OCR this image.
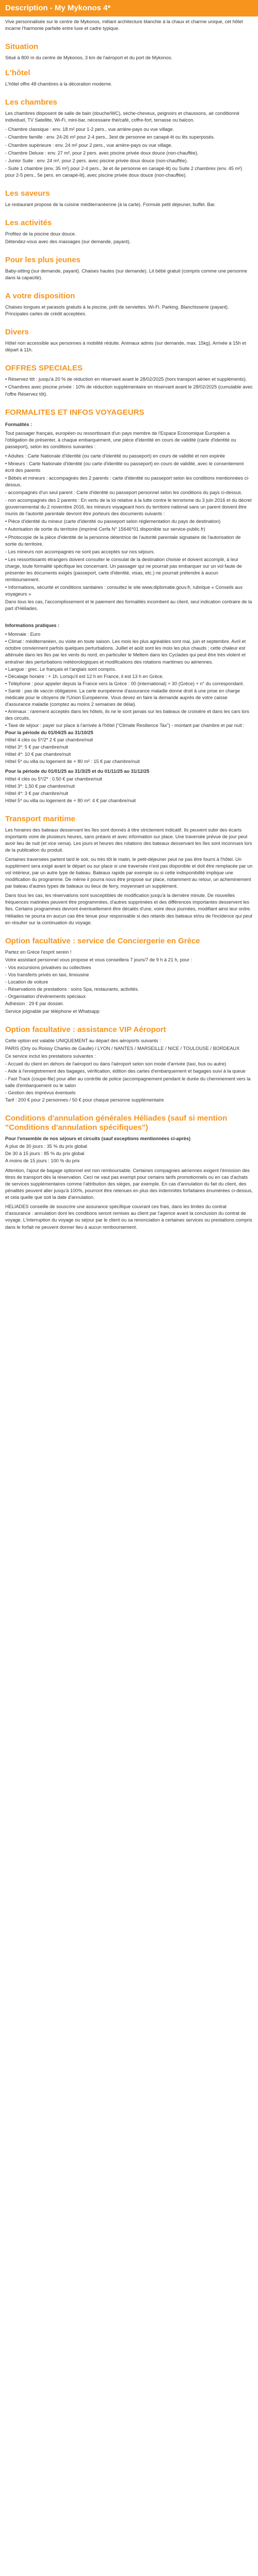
Description - My Mykonos 4*

Vive personnalisée sur le centre de Mykonos, mêlant architecture blanchie à la chaux et charme unique, cet hôtel incarne l'harmonie parfaite entre luxe et cadre typique.

Situation

Situé à 800 m du centre de Mykonos, 3 km de l'aéroport et du port de Mykonos.

L'hôtel

L'hôtel offre 48 chambres à la décoration moderne.

Les chambres

Les chambres disposent de salle de bain (douche/WC), sèche-cheveux, peignoirs et chaussons, air conditionné individuel, TV Satellite, Wi-Fi, mini-bar, nécessaire thé/café, coffre-fort, terrasse ou balcon.

- Chambre classique : env. 18 m² pour 1-2 pers., vue arrière-pays ou vue village.
- Chambre famille : env. 24-26 m² pour 2-4 pers., 3est de personne en canapé-lit ou lits superposés.
- Chambre supérieure : env. 24 m² pour 2 pers., vue arrière-pays ou vue village.
- Chambre Deluxe : env. 27 m², pour 2 pers. avec piscine privée doux douce (non-chauffée).
- Junior Suite : env. 24 m², pour 2 pers. avec piscine privée doux douce (non-chauffée).
- Suite 1 chambre (env. 35 m²) pour 2-4 pers., 3e et 4e personne en canapé-lit) ou Suite 2 chambres (env. 45 m²) pour 2-5 pers., 5e pers. en canapé-lit), avec piscine privée doux douce (non-chauffée).
Les saveurs

Le restaurant propose de la cuisine méditerranéenne (à la carte). Formule petit déjeuner, buffet. Bar.

Les activités
Profitez de la piscine doux douce.
Détendez-vous avec des massages (sur demande, payant).
Pour les plus jeunes

Baby-sitting (sur demande, payant). Chaises hautes (sur demande). Lit bébé gratuit (compris comme une personne dans la capacité).

A votre disposition

Chaises longues et parasols gratuits à la piscine, prêt de serviettes. Wi-Fi. Parking. Blanchisserie (payant). Principales cartes de crédit acceptées.

Divers

Hôtel non accessible aux personnes à mobilité réduite. Animaux admis (sur demande, max. 15kg). Arrivée à 15h et départ à 11h.

OFFRES SPECIALES
• Réservez tôt : jusqu'à 20 % de réduction en réservant avant le 28/02/2025 (hors transport aérien et suppléments).
• Chambres avec piscine privée : 10% de réduction supplémentaire en réservant avant le 28/02/2025 (cumulable avec l'offre Réservez tôt).
FORMALITES ET INFOS VOYAGEURS
Formalités :

Tout passager français, européen ou ressortissant d'un pays membre de l'Espace Economique Européen a l'obligation de présenter, à chaque embarquement, une pièce d'identité en cours de validité (carte d'identité ou passeport), selon les conditions suivantes :

• Adultes : Carte Nationale d'Identité (ou carte d'identité ou passeport) en cours de validité et non expirée
• Mineurs : Carte Nationale d'Identité (ou carte d'identité ou passeport) en cours de validité, avec le consentement écrit des parents
• Bébés et mineurs : accompagnés des 2 parents : carte d'identité ou passeport selon les conditions mentionnées ci-dessus.
- accompagnés d'un seul parent : Carte d'identité ou passeport personnel selon les conditions du pays ci-dessus.
- non accompagnés des 2 parents : En vertu de la loi relative à la lutte contre le terrorisme du 3 juin 2016 et du décret gouvernemental du 2 novembre 2016, les mineurs voyageant hors du territoire national sans un parent doivent être munis de l'autorité parentale devront être porteurs des documents suivants :
• Pièce d'identité du mineur (carte d'identité ou passeport selon réglementation du pays de destination)
• Autorisation de sortie du territoire (imprimé Cerfa N° 15646*01 disponible sur service-public.fr)
• Photocopie de la pièce d'identité de la personne détentrice de l'autorité parentale signataire de l'autorisation de sortie du territoire.
- Les mineurs non accompagnés ne sont pas acceptés sur nos séjours.
• Les ressortissants étrangers doivent consulter le consulat de la destination choisie et doivent accomplir, à leur charge, toute formalité spécifique les concernant. Un passager qui ne pourrait pas embarquer sur un vol faute de présenter les documents exigés (passeport, carte d'identité, visas, etc.) ne pourrait prétendre à aucun remboursement.
• Informations, sécurité et conditions sanitaires : consultez le site www.diplomatie.gouv.fr, rubrique « Conseils aux voyageurs »
Dans tous les cas, l'accomplissement et le paiement des formalités incombent au client, seul indication contraire de la part d'Héliades.
Informations pratiques :
• Monnaie : Euro
• Climat : méditerranéen, ou visite en toute saison. Les mois les plus agréables sont mai, juin et septembre. Avril et octobre conviennent parfois quelques perturbations. Juillet et août sont les mois les plus chauds ; cette chaleur est atténuée dans les îles par les vents du nord, en particulier le Meltem dans les Cyclades qui peut être très violent et entraîner des perturbations météorologiques et modifications des rotations maritimes ou aériennes.
• Langue : grec. Le français et l'anglais sont compris.
• Décalage horaire : + 1h. Lorsqu'il est 12 h en France, il est 13 h en Grèce.
• Téléphone : pour appeler depuis la France vers la Grèce : 00 (international) + 30 (Grèce) + n° du correspondant.
• Santé : pas de vaccin obligatoire. La carte européenne d'assurance maladie donne droit à une prise en charge médicale pour le citoyens de l'Union Européenne. Vous devez en faire la demande auprès de votre caisse d'assurance maladie (comptez au moins 2 semaines de délai).
• Animaux : rarement acceptés dans les hôtels, ils ne le sont jamais sur les bateaux de croisière et dans les cars lors des circuits.
• Taxe de séjour : payer sur place à l'arrivée à l'hôtel ("Climate Resilience Tax") - montant par chambre et par nuit :
Pour la période du 01/04/25 au 31/10/25
Hôtel 4 clés ou 5*/2* 2 € par chambre/nuit
Hôtel 3*: 5 € par chambre/nuit
Hôtel 4*: 10 € par chambre/nuit
Hôtel 5* ou villa ou logement de + 80 m² : 15 € par chambre/nuit
Pour la période du 01/01/25 au 31/3/25 et du 01/11/25 au 31/12/25
Hôtel 4 clés ou 5*/2* : 0.50 € par chambre/nuit
Hôtel 3*: 1,50 € par chambre/nuit
Hôtel 4*: 3 € par chambre/nuit
Hôtel 5* ou villa ou logement de + 80 m²: 4 € par chambre/nuit
Transport maritime

Les horaires des bateaux desservant les îles sont donnés à titre strictement indicatif. Ils peuvent subir des écarts importants voire de plusieurs heures, sans préavis et avec information sur place. Une traversée prévue de jour peut avoir lieu de nuit (et vice versa). Les jours et heures des rotations des bateaux desservant les îles sont inconnues lors de la publication du produit.

Certaines traversées partent tard le soir, ou très tôt le matin, le petit-déjeuner peut ne pas être fourni à l'hôtel. Un supplément sera exigé avant le départ ou sur place si une traversée n'est pas disponible et doit être remplacée par un vol intérieur, par un autre type de bateau. Bateaux rapide par exemple ou si cette indisponibilité implique une modification du programme. De même il pourra nous être proposé sur place, notamment au retour, un acheminement par bateau d'autres types de bateaux ou lieux de ferry, moyennant un supplément.

Dans tous les cas, les réservations sont susceptibles de modification jusqu'à la dernière minute. De nouvelles fréquences matinées peuvent être programmées, d'autres supprimées et des différences importantes desservent les îles. Certains programmes devront éventuellement être décalés d'une, voire deux journées, modifiant ainsi leur ordre. Héliades ne pourra en aucun cas être tenue pour responsable si des retards des bateaux et/ou de l'incidence qui peut en résulter sur la continuation du voyage.

Option facultative : service de Conciergerie en Grèce
Partez en Grèce l'esprit serein !
Votre assistant personnel vous propose et vous conseillera 7 jours/7 de 9 h à 21 h, pour :
- Vos excursions privatives ou collectives
- Vos transferts privés en taxi, limousine
- Location de voiture
- Réservations de prestations : soins Spa, restaurants, activités.
- Organisation d'événements spéciaux
Adhésion : 29 € par dossier.
Service joignable par téléphone et Whatsapp
Option facultative : assistance VIP Aéroport
Cette option est valable UNIQUEMENT au départ des aéroports suivants :
PARIS (Orly ou Roissy Charles de Gaulle) / LYON / NANTES / MARSEILLE / NICE / TOULOUSE / BORDEAUX
Ce service inclut les prestations suivantes :
- Accueil du client en dehors de l'aéroport ou dans l'aéroport selon son mode d'arrivée (taxi, bus ou autre)
- Aide à l'enregistrement des bagages, vérification, édition des cartes d'embarquement et bagages suivi à la queue
- Fast Track (coupe-file) pour aller au contrôle de police (accompagnement pendant le durée du cheminement vers la salle d'embarquement ou le salon
- Gestion des imprévus éventuels
Tarif : 200 € pour 2 personnes / 50 € pour chaque personne supplémentaire
Conditions d'annulation générales Héliades (sauf si mention "Conditions d'annulation spécifiques")
Pour l'ensemble de nos séjours et circuits (sauf exceptions mentionnées ci-après)
A plus de 30 jours : 35 % du prix global
De 30 à 15 jours : 85 % du prix global
A moins de 15 jours : 100 % du prix

Attention, l'ajout de bagage optionnel est non remboursable. Certaines compagnies aériennes exigent l'émission des titres de transport dès la réservation. Ceci ne vaut pas exempt pour certains tarifs promotionnels ou en cas d'achats de services supplémentaires comme l'attribution des sièges, par exemple. En cas d'annulation du fait du client, des pénalités peuvent aller jusqu'à 100%, pourront être retenues en plus des indemnités forfaitaires énumérées ci-dessus, et cela quelle que soit la date d'annulation.

HELIADES conseille de souscrire une assurance spécifique couvrant ces frais, dans les limites du contrat d'assurance : annulation dont les conditions seront remises au client par l'agence avant la conclusion du contrat de voyage. L'interruption du voyage ou séjour par le client ou sa renonciation à certaines services ou prestations compris dans le forfait ne peuvent donner lieu à aucun remboursement.
